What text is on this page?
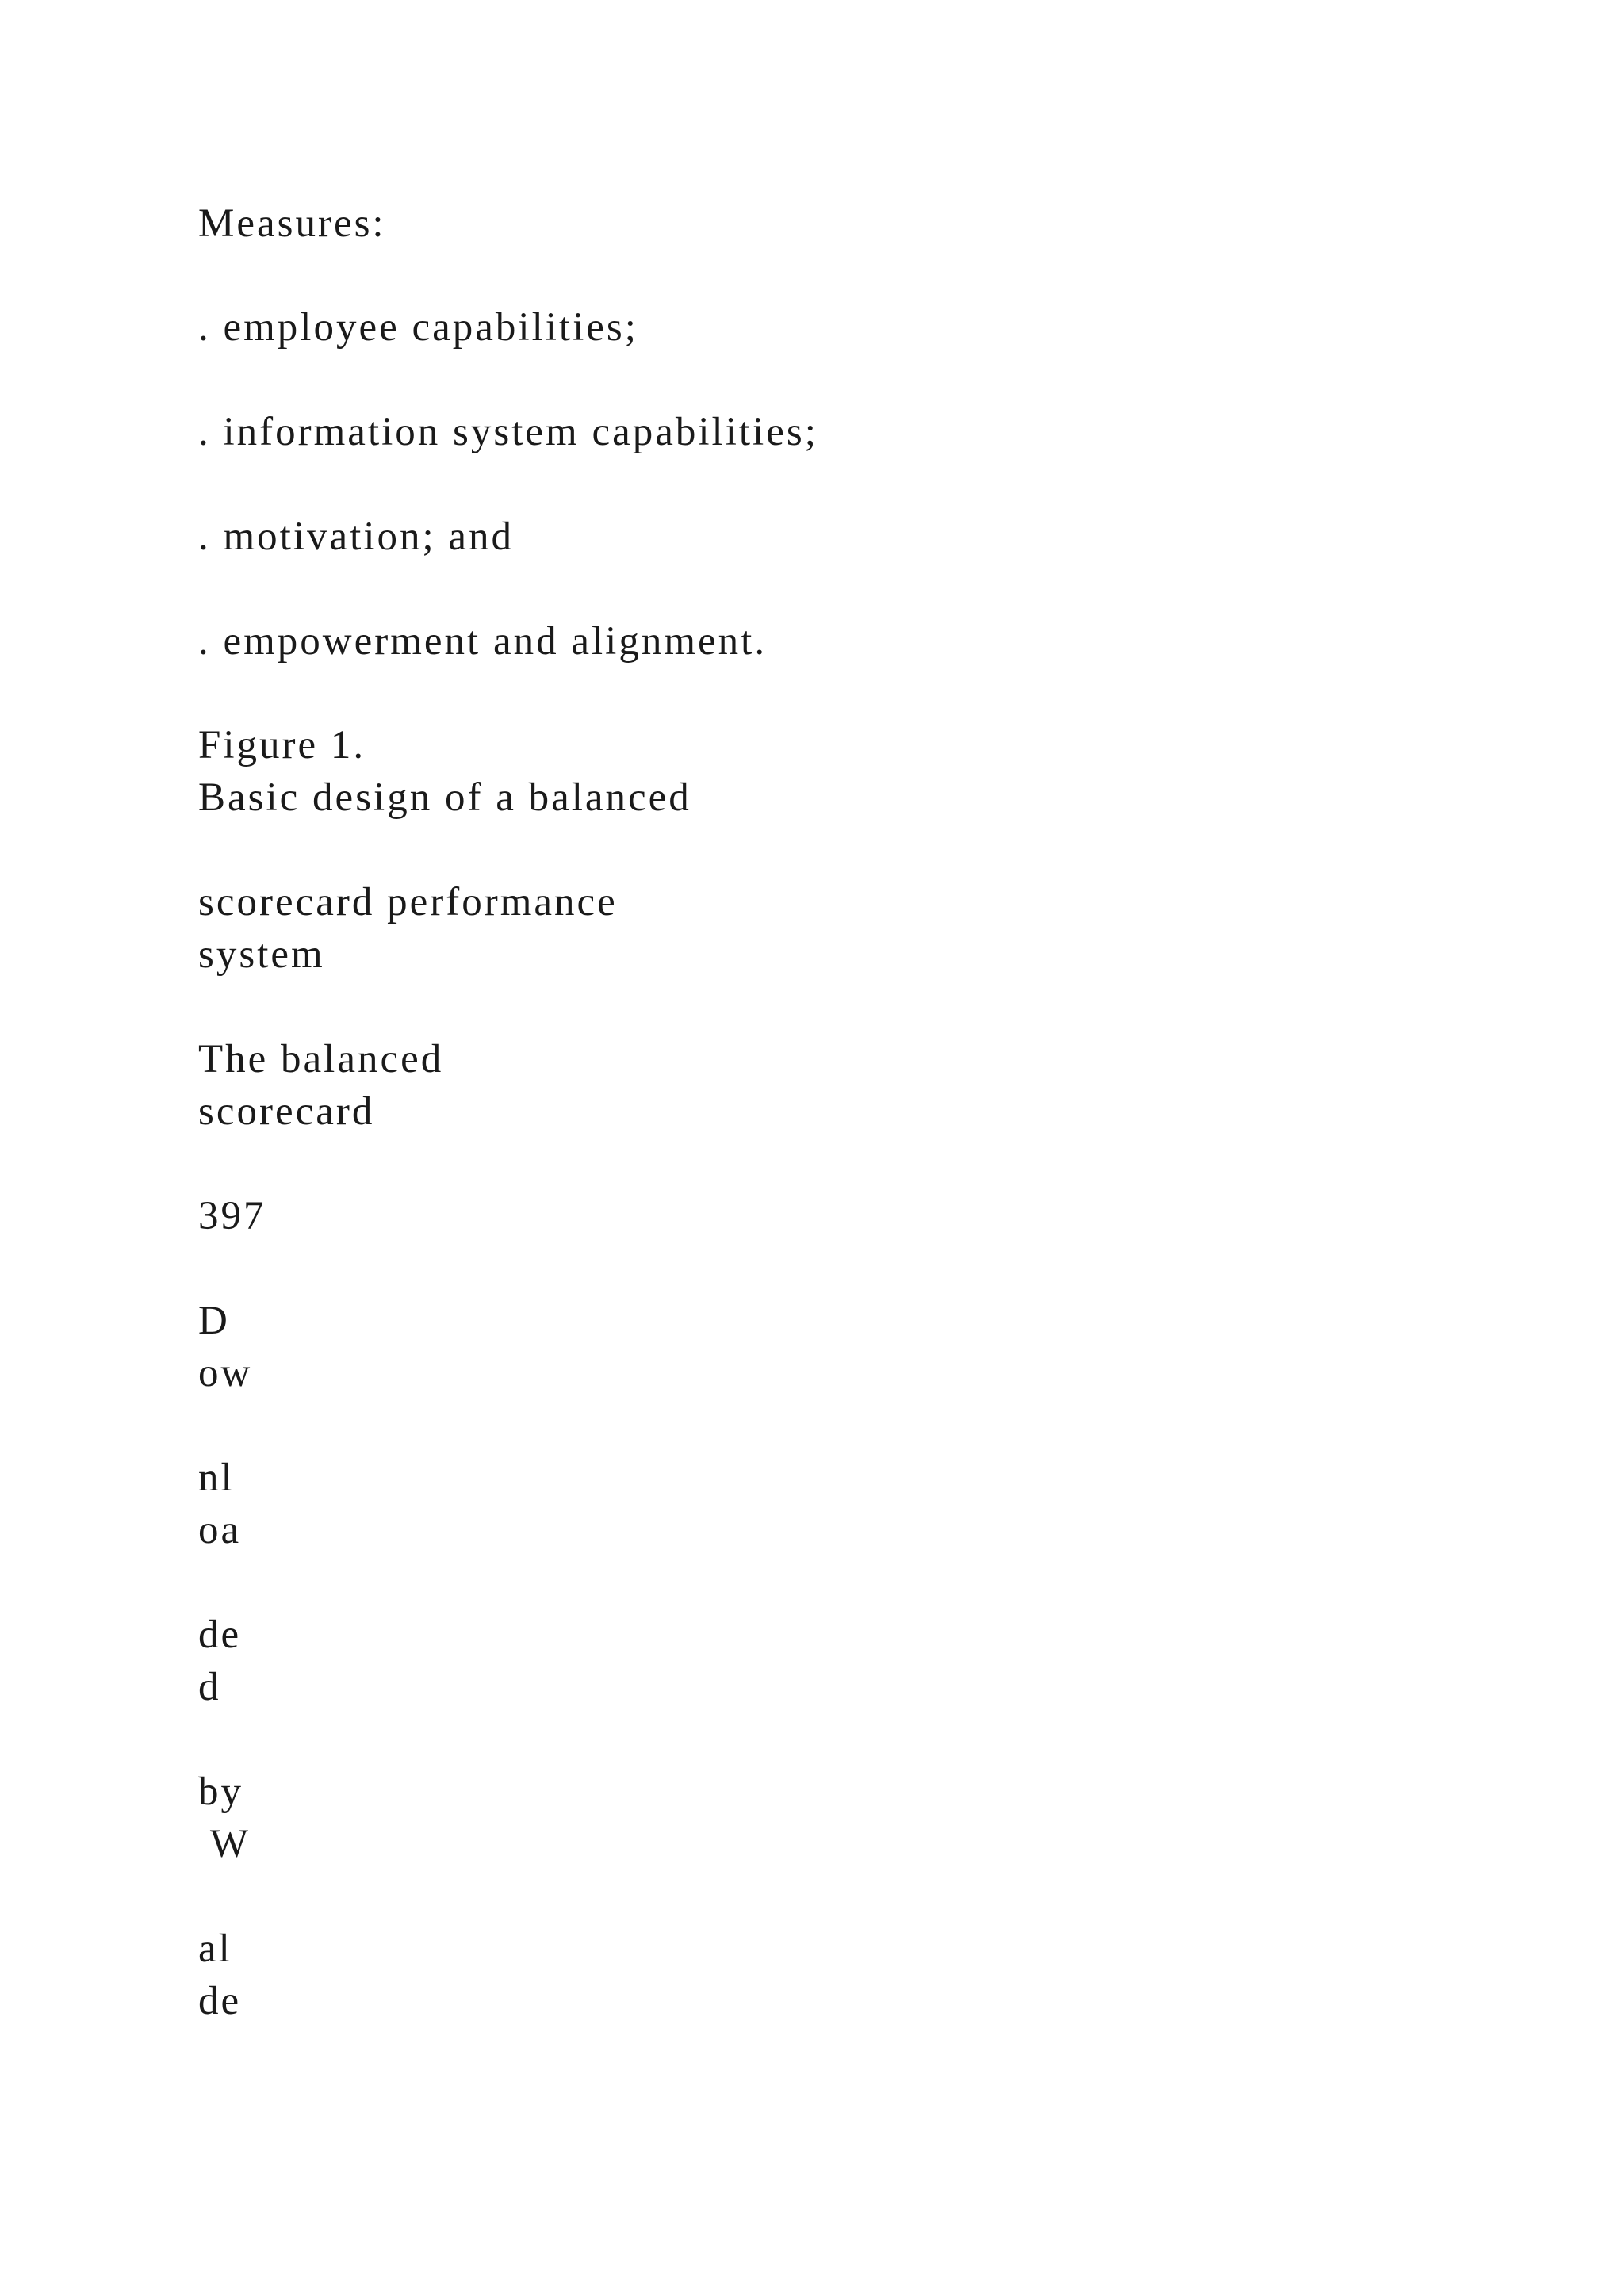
Measures:
. employee capabilities;
. information system capabilities;
. motivation; and
. empowerment and alignment.
Figure 1.
Basic design of a balanced
scorecard performance
system
The balanced
scorecard
397
D
ow
nl
oa
de
d
by
W
al
de
